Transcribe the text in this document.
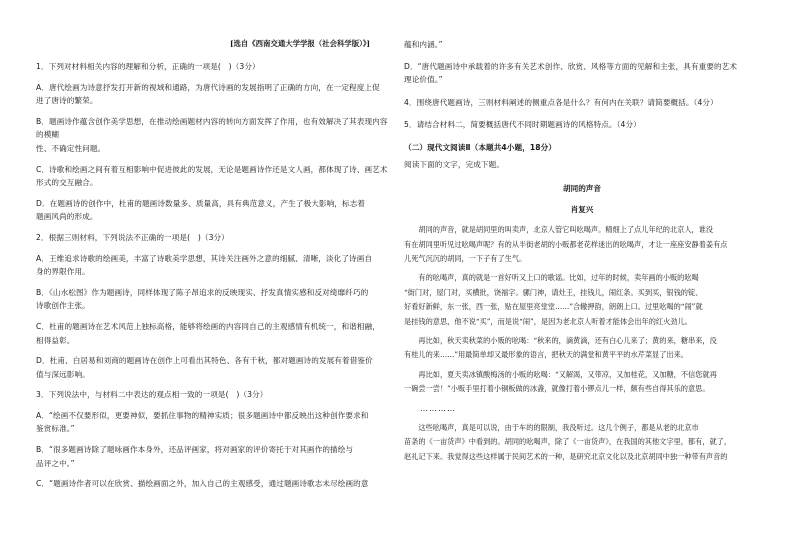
[选自《西南交通大学学报（社会科学版）》]

1．下列对材料相关内容的理解和分析，正确的一项是(　)（3分）

A．唐代绘画为诗意抒发打开新的视域和通路，为唐代诗画的发展指明了正确的方向，在一定程度上促

进了唐诗的繁荣。

B．题画诗作蕴含创作美学思想，在推动绘画题材内容的转向方面发挥了作用，也有效解决了其表现内容的模糊

性、不确定性问题。

C．诗歌和绘画之间有着互相影响中促进彼此的发展，无论是题画诗作还是文人画，都体现了诗、画艺术

形式的交互融合。

D．在题画诗的创作中，杜甫的题画诗数量多、质量高，具有典范意义，产生了极大影响，标志着

题画风尚的形成。

2．根据三则材料，下列说法不正确的一项是(　)（3分）

A．王维追求诗歌的绘画美，丰富了诗歌美学思想，其诗关注画外之意的细腻、清晰，淡化了诗画自

身的界限作用。

B．《山水松图》作为题画诗，同样体现了陈子昂追求的反映现实、抒发真情实感和反对绮靡纤巧的

诗歌创作主张。

C．杜甫的题画诗在艺术风范上独标高格，能够将绘画的内容同自己的主观感情有机统一，和谐相融，

相得益彰。

D．杜甫、白居易和刘商的题画诗在创作上可看出其特色、各有千秋，都对题画诗的发展有着借鉴价

值与深远影响。

3．下列说法中，与材料二中表达的观点相一致的一项是(　)（3分）

A．“绘画不仅要形似，更要神似，要抓住事物的精神实质；很多题画诗中都反映出这种创作要求和

鉴赏标准。”

B．“很多题画诗除了题咏画作本身外，还品评画家，将对画家的评价寄托于对其画作的描绘与

品评之中。”

C．“题画诗作者可以在欣赏、描绘画面之外，加入自己的主观感受，通过题画诗歌志未尽绘画的意

蕴和内涵。”

D．“唐代题画诗中承载着的许多有关艺术创作、欣赏、风格等方面的见解和主张，具有重要的艺术

理论价值。”

4．围绕唐代题画诗，三则材料阐述的侧重点各是什么？有何内在关联？请简要概括。（4分）

5．请结合材料二，简要概括唐代不同时期题画诗的风格特点。（4分）

（二）现代文阅读Ⅱ（本题共4小题，18分）

阅读下面的文字，完成下题。

胡同的声音

肖复兴

胡同的声音，就是胡同里的叫卖声，北京人管它叫吆喝声。精细上了点儿年纪的北京人，谁没

有在胡同里听见过吆喝声呢？有的从半街老胡的小贩都老花样迷出的吆喝声，才让一座座安静着姜有点

儿死气沉沉的胡同，一下子有了生气。

有的吆喝声，真的就是一首好听又上口的歌谣。比如，过年的时候，卖年画的小贩的吆喝

“街门对，屋门对，买横批，饶福字。骡门神，请灶王，挂钱儿，闹红条。买到买，银钱的锭、

好看好新鲜，东一张，西一张，贴在屋里亮堂堂……”合辙押韵，朗朗上口。过里吆喝的“闹”就

是挂钱的意思，他不说“买”，而是说“闹”，是因为老北京人听着才能体会出年的红火劲儿。

再比如，秋天卖秋菜的小贩的吆喝：“秋来的，滴黄滴，还有白心儿来了；黄的来，糖串来，没

有桂儿的来……”用最简单却又最形象的语言，把秋天的满堂和黄平平的水芹菜显了出来。

再比如，夏天卖冰镇酸梅汤的小贩的吆喝：“又解渴，又带凉，又加桂花，又加糖，不信您就再

一碗尝一尝！”小贩手里打着小铜板做的冰盏，就像打着小锣点儿一样，颇有些自得其乐的意思。

…………

这些吆喝声，真是可以说，由于车的的限制，我没听过。这几个例子，都是从老的北京市

苗条的《一亩货声》中看到的。胡同的吆喝声，除了《一亩货声》，在我国的其他文字里，都有，就了，

赵礼记下来。我觉得这些这样属于民间艺术的一种，是研究北京文化以及北京胡同中独一种带有声音的
